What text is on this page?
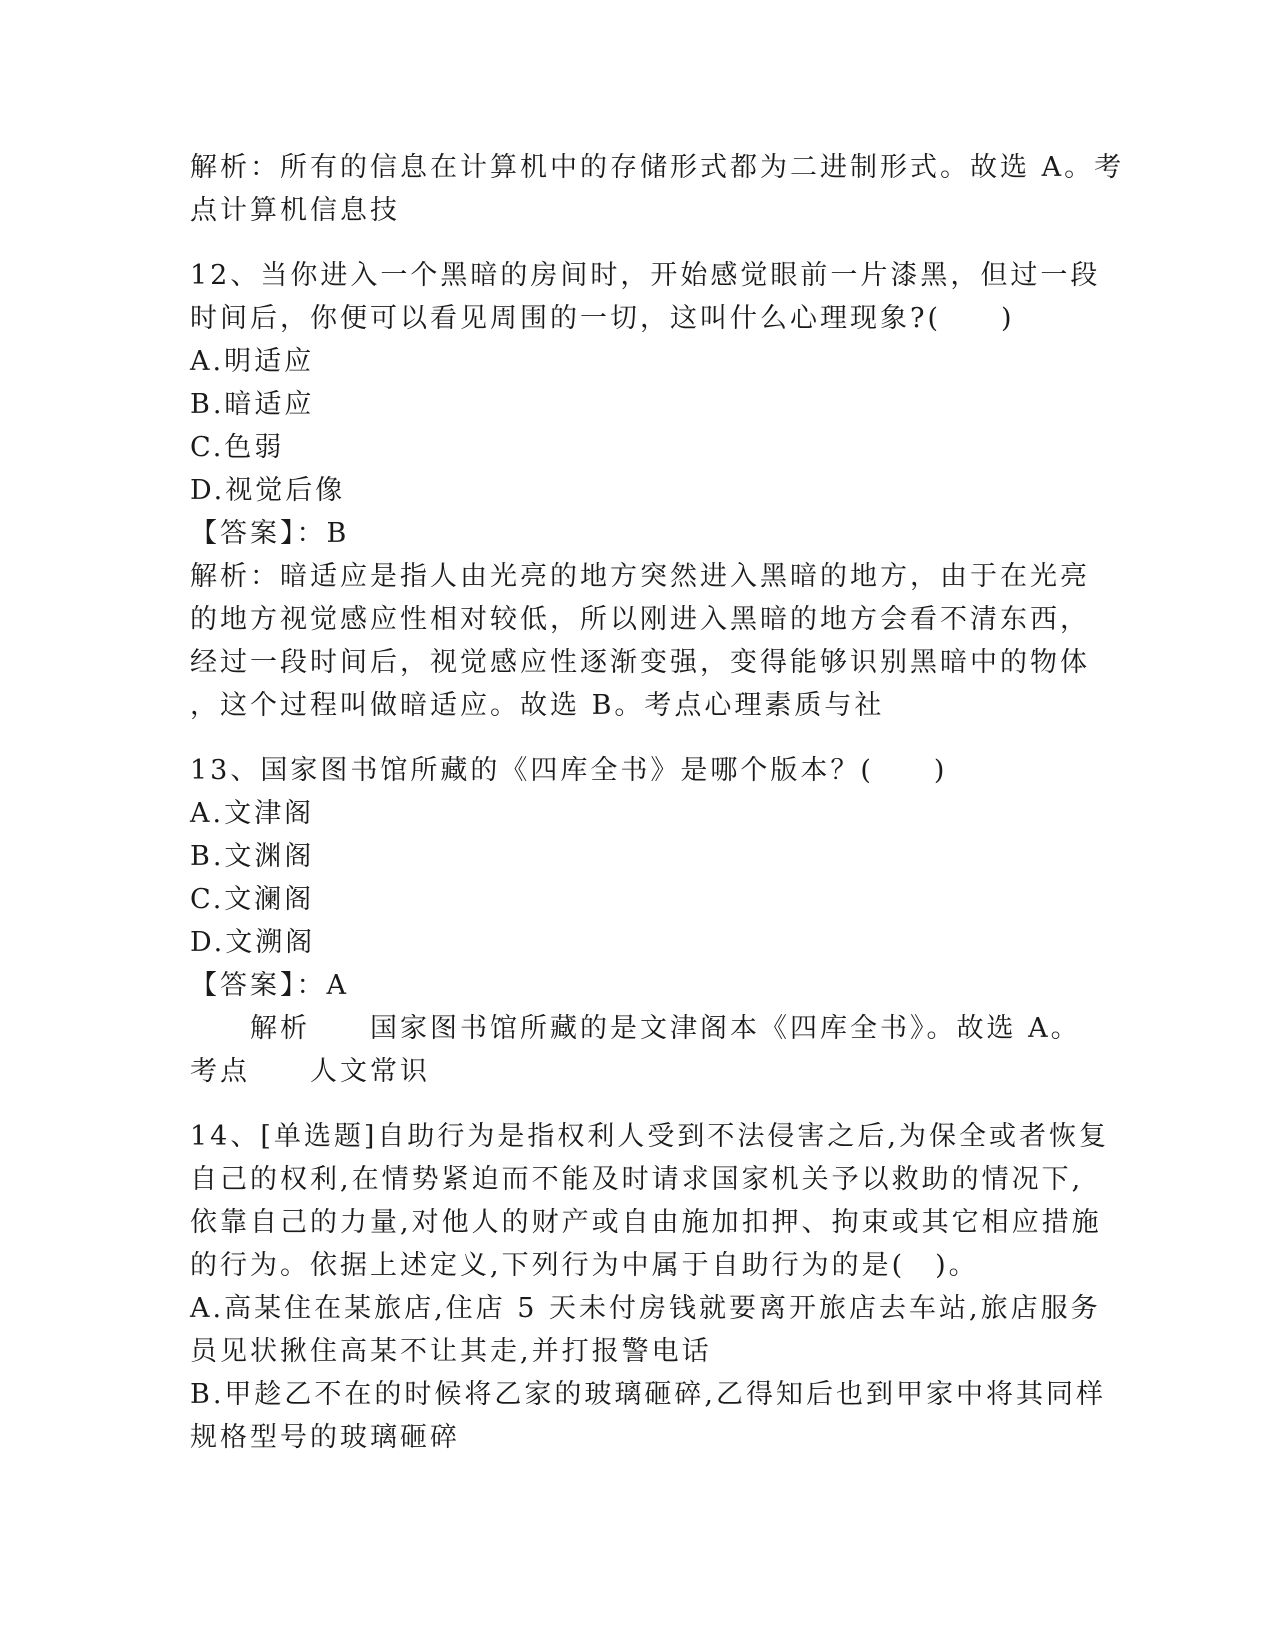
解析：所有的信息在计算机中的存储形式都为二进制形式。故选 A。考
点计算机信息技
12、当你进入一个黑暗的房间时，开始感觉眼前一片漆黑，但过一段
时间后，你便可以看见周围的一切，这叫什么心理现象?(　　)
A.明适应
B.暗适应
C.色弱
D.视觉后像
【答案】：B
解析：暗适应是指人由光亮的地方突然进入黑暗的地方，由于在光亮
的地方视觉感应性相对较低，所以刚进入黑暗的地方会看不清东西，
经过一段时间后，视觉感应性逐渐变强，变得能够识别黑暗中的物体
，这个过程叫做暗适应。故选 B。考点心理素质与社
13、国家图书馆所藏的《四库全书》是哪个版本？(　　)
A.文津阁
B.文渊阁
C.文澜阁
D.文溯阁
【答案】：A
　　解析　　国家图书馆所藏的是文津阁本《四库全书》。故选 A。
考点　　人文常识
14、[单选题]自助行为是指权利人受到不法侵害之后,为保全或者恢复
自己的权利,在情势紧迫而不能及时请求国家机关予以救助的情况下,
依靠自己的力量,对他人的财产或自由施加扣押、拘束或其它相应措施
的行为。依据上述定义,下列行为中属于自助行为的是(　)。
A.高某住在某旅店,住店 5 天未付房钱就要离开旅店去车站,旅店服务
员见状揪住高某不让其走,并打报警电话
B.甲趁乙不在的时候将乙家的玻璃砸碎,乙得知后也到甲家中将其同样
规格型号的玻璃砸碎
